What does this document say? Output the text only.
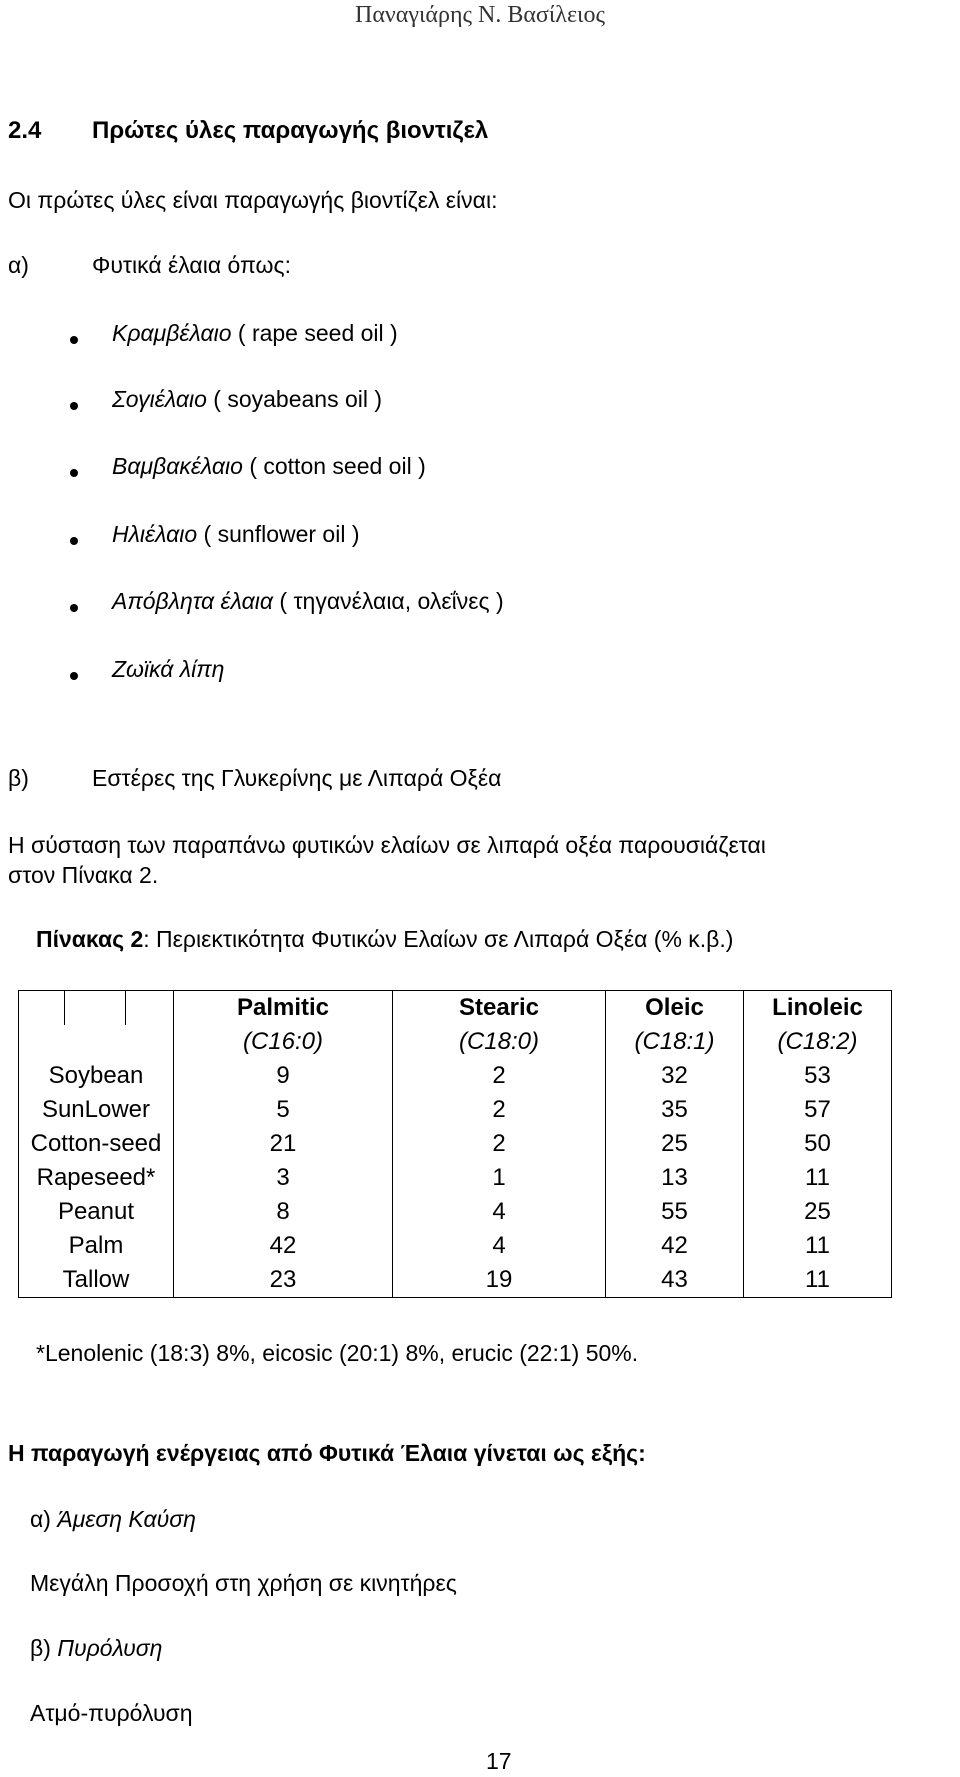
Παναγιάρης Ν. Βασίλειος
2.4 Πρώτες ύλες παραγωγής βιοντιζελ
Οι πρώτες ύλες είναι παραγωγής βιοντίζελ είναι:
α)	Φυτικά έλαια όπως:
Κραμβέλαιο ( rape seed oil )
Σογιέλαιο ( soyabeans oil )
Βαμβακέλαιο ( cotton seed oil )
Ηλιέλαιο ( sunflower oil )
Απόβλητα έλαια ( τηγανέλαια, ολεΐνες )
Ζωϊκά λίπη
β)	Εστέρες της Γλυκερίνης με Λιπαρά Οξέα
Η σύσταση των παραπάνω φυτικών ελαίων σε λιπαρά οξέα παρουσιάζεται
στον Πίνακα 2.
Πίνακας 2: Περιεκτικότητα Φυτικών Ελαίων σε Λιπαρά Οξέα (% κ.β.)
	Palmitic	Stearic	Oleic	Linoleic
	(C16:0)	(C18:0)	(C18:1)	(C18:2)
Soybean	9	2	32	53
SunLower	5	2	35	57
Cotton-seed	21	2	25	50
Rapeseed*	3	1	13	11
Peanut	8	4	55	25
Palm	42	4	42	11
Tallow	23	19	43	11
*Lenolenic (18:3) 8%, eicosic (20:1) 8%, erucic (22:1) 50%.
Η παραγωγή ενέργειας από Φυτικά Έλαια γίνεται ως εξής:
α) Άμεση Καύση
Μεγάλη Προσοχή στη χρήση σε κινητήρες
β) Πυρόλυση
Ατμό-πυρόλυση
17
